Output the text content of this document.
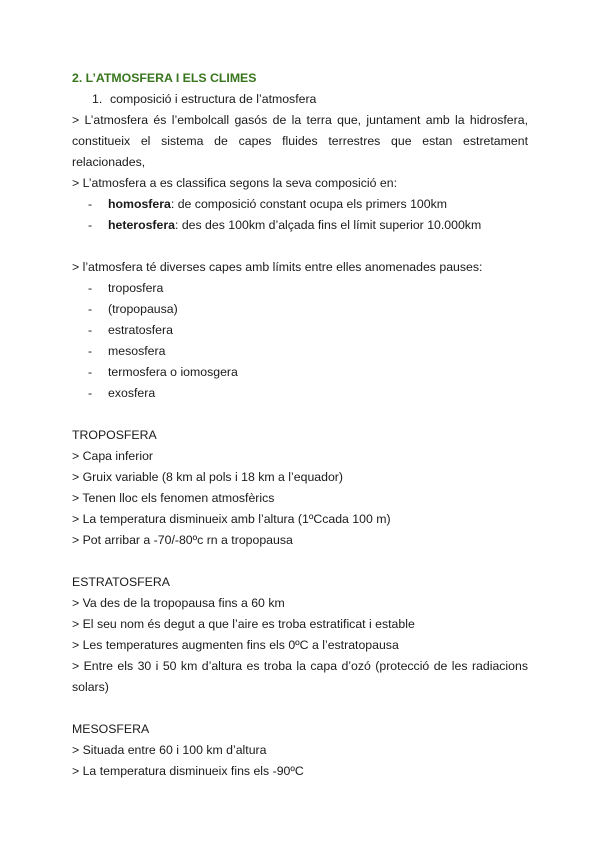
2. L’ATMOSFERA I ELS CLIMES
1. composició i estructura de l’atmosfera
> L’atmosfera és l’embolcall gasós de la terra que, juntament amb la hidrosfera, constitueix el sistema de capes fluides terrestres que estan estretament relacionades,
> L’atmosfera a es classifica segons la seva composició en:
- homosfera: de composició constant ocupa els primers 100km
- heterosfera: des des 100km d’alçada fins el límit superior 10.000km
> l’atmosfera té diverses capes amb límits entre elles anomenades pauses:
- troposfera
- (tropopausa)
- estratosfera
- mesosfera
- termosfera o iomosgera
- exosfera
TROPOSFERA
> Capa inferior
> Gruix variable (8 km al pols i 18 km a l’equador)
> Tenen lloc els fenomen atmosfèrics
> La temperatura disminueix amb l’altura (1ºCcada 100 m)
> Pot arribar a -70/-80ºc rn a tropopausa
ESTRATOSFERA
> Va des de la tropopausa fins a 60 km
> El seu nom és degut a que l’aire es troba estratificat i estable
> Les temperatures augmenten fins els 0ºC a l’estratopausa
> Entre els 30 i 50 km d’altura es troba la capa d’ozó (protecció de les radiacions solars)
MESOSFERA
> Situada entre 60 i 100 km d’altura
> La temperatura disminueix fins els -90ºC
